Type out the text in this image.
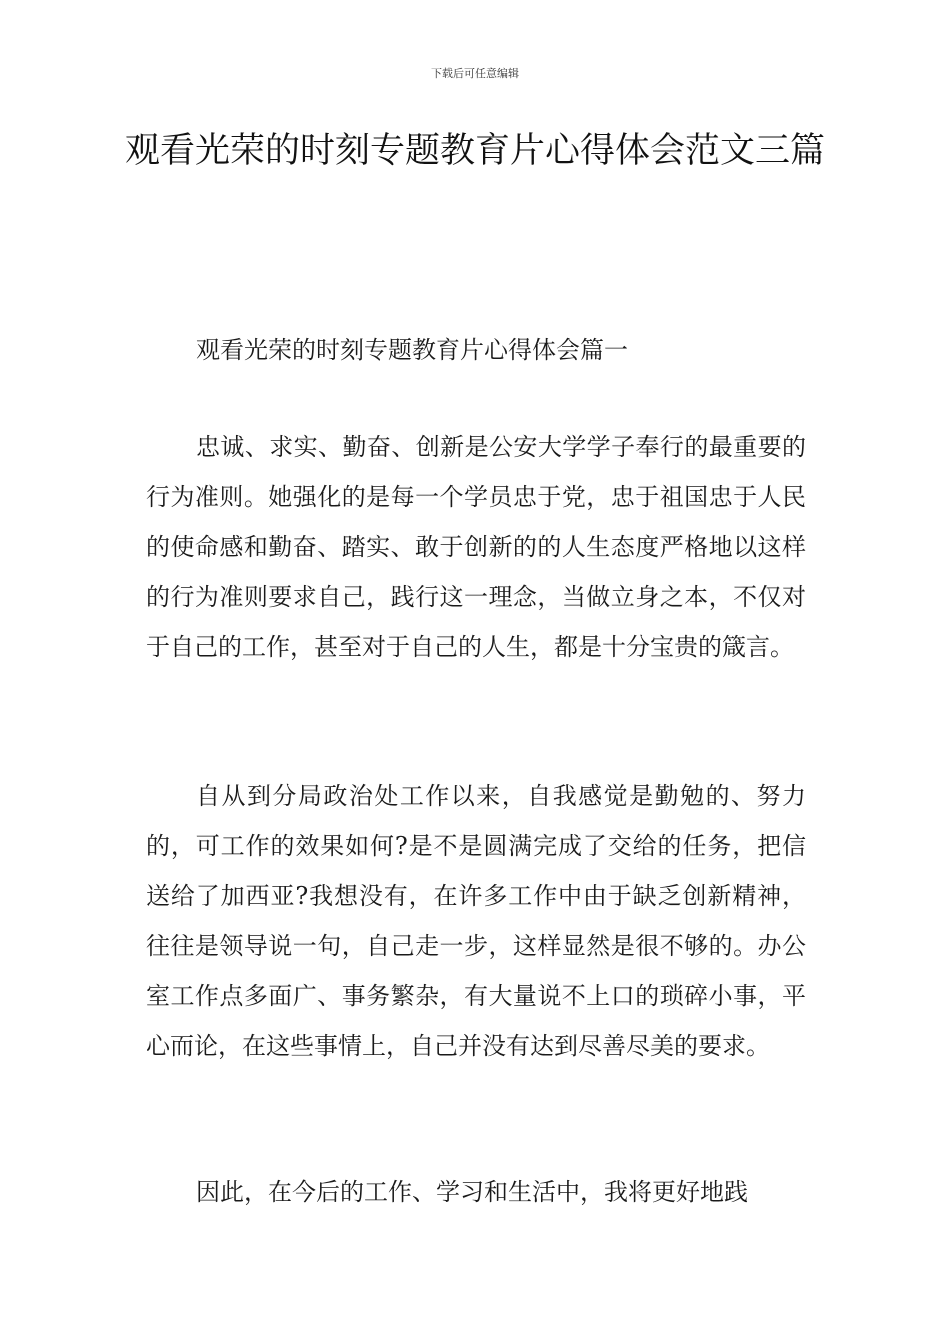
下载后可任意编辑
观看光荣的时刻专题教育片心得体会范文三篇
观看光荣的时刻专题教育片心得体会篇一

忠诚、求实、勤奋、创新是公安大学学子奉行的最重要的行为准则。她强化的是每一个学员忠于党，忠于祖国忠于人民的使命感和勤奋、踏实、敢于创新的的人生态度严格地以这样的行为准则要求自己，践行这一理念，当做立身之本，不仅对于自己的工作，甚至对于自己的人生，都是十分宝贵的箴言。

自从到分局政治处工作以来，自我感觉是勤勉的、努力的，可工作的效果如何?是不是圆满完成了交给的任务，把信送给了加西亚?我想没有，在许多工作中由于缺乏创新精神，往往是领导说一句，自己走一步，这样显然是很不够的。办公室工作点多面广、事务繁杂，有大量说不上口的琐碎小事，平心而论，在这些事情上，自己并没有达到尽善尽美的要求。

因此，在今后的工作、学习和生活中，我将更好地践
